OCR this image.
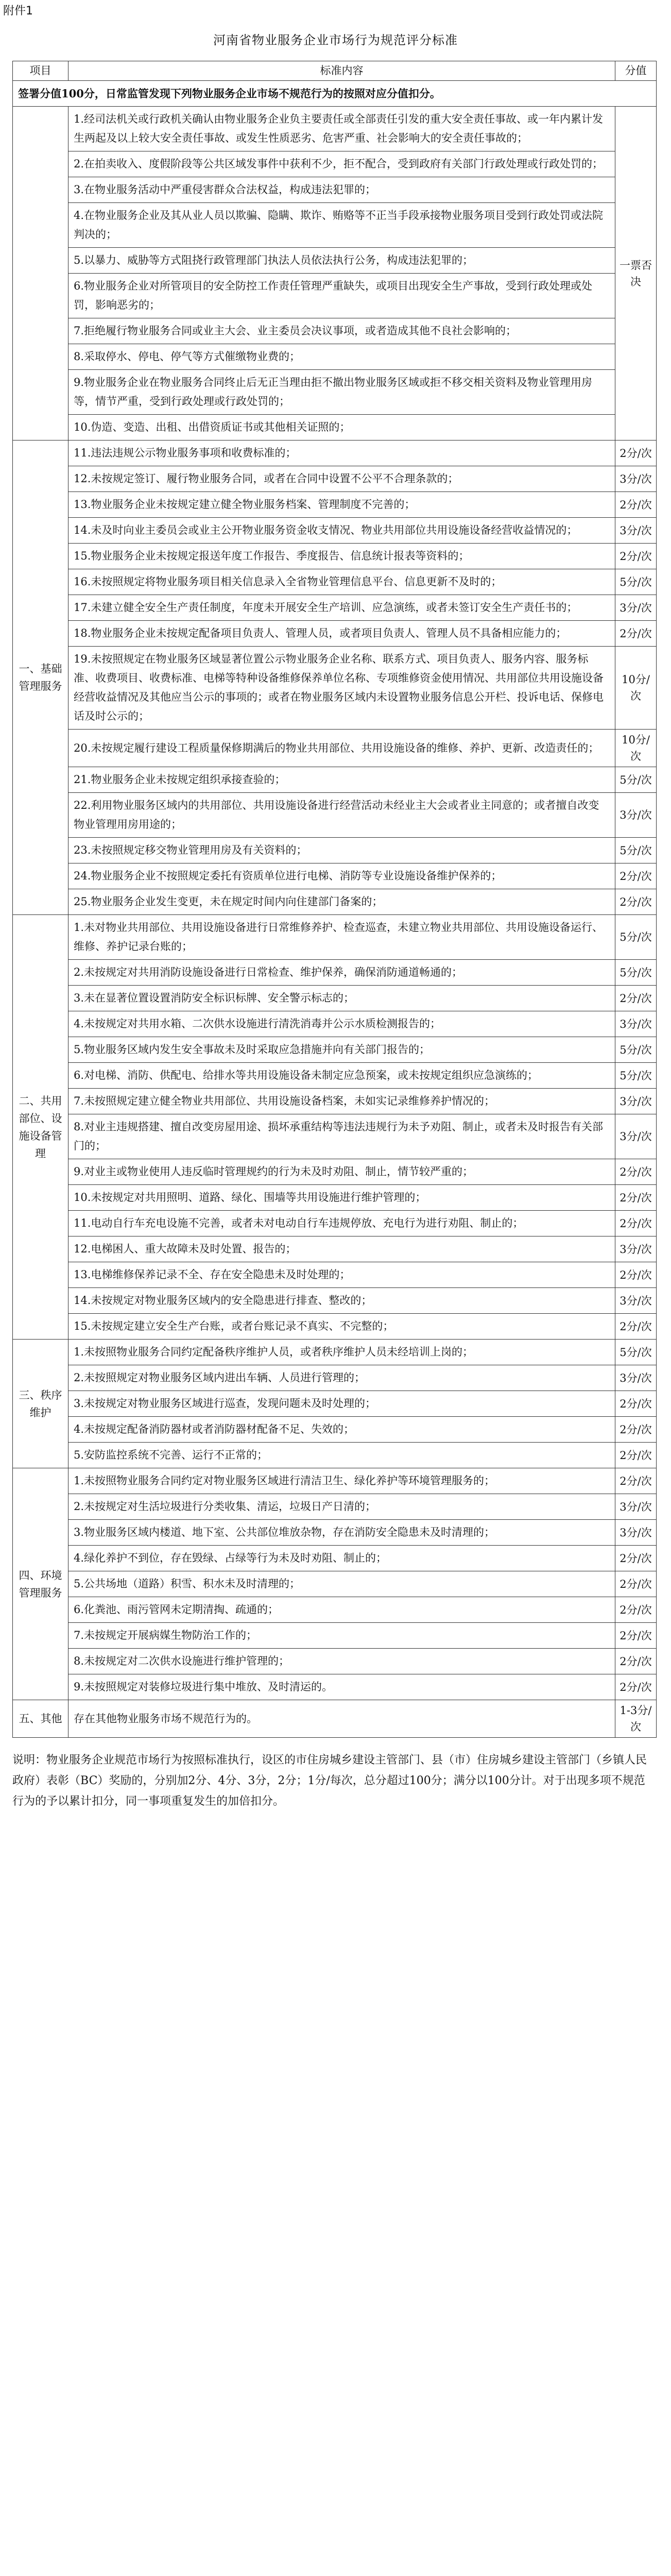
附件1
河南省物业服务企业市场行为规范评分标准
项目	标准内容	分值
签署分值100分，日常监管发现下列物业服务企业市场不规范行为的按照对应分值扣分。		
	1.经司法机关或行政机关确认由物业服务企业负主要责任或全部责任引发的重大安全责任事故、或一年内累计发生两起及以上较大安全责任事故、或发生性质恶劣、危害严重、社会影响大的安全责任事故的；	一票否决
	2.在拍卖收入、度假阶段等公共区域发事件中获利不少，拒不配合，受到政府有关部门行政处理或行政处罚的；	
	3.在物业服务活动中严重侵害群众合法权益，构成违法犯罪的；	
	4.在物业服务企业及其从业人员以欺骗、隐瞒、欺诈、贿赂等不正当手段承接物业服务项目受到行政处罚或法院判决的；	
	5.以暴力、威胁等方式阻挠行政管理部门执法人员依法执行公务，构成违法犯罪的；	
	6.物业服务企业对所管项目的安全防控工作责任管理严重缺失，或项目出现安全生产事故，受到行政处理或处罚，影响恶劣的；	
	7.拒绝履行物业服务合同或业主大会、业主委员会决议事项，或者造成其他不良社会影响的；	
	8.采取停水、停电、停气等方式催缴物业费的；	
	9.物业服务企业在物业服务合同终止后无正当理由拒不撤出物业服务区域或拒不移交相关资料及物业管理用房等，情节严重，受到行政处理或行政处罚的；	
	10.伪造、变造、出租、出借资质证书或其他相关证照的；	
一、基础管理服务	11.违法违规公示物业服务事项和收费标准的；	2分/次
	12.未按规定签订、履行物业服务合同，或者在合同中设置不公平不合理条款的；	3分/次
	13.物业服务企业未按规定建立健全物业服务档案、管理制度不完善的；	2分/次
	14.未及时向业主委员会或业主公开物业服务资金收支情况、物业共用部位共用设施设备经营收益情况的；	3分/次
	15.物业服务企业未按规定报送年度工作报告、季度报告、信息统计报表等资料的；	2分/次
	16.未按照规定将物业服务项目相关信息录入全省物业管理信息平台、信息更新不及时的；	5分/次
	17.未建立健全安全生产责任制度，年度未开展安全生产培训、应急演练，或者未签订安全生产责任书的；	3分/次
	18.物业服务企业未按规定配备项目负责人、管理人员，或者项目负责人、管理人员不具备相应能力的；	2分/次
	19.未按照规定在物业服务区域显著位置公示物业服务企业名称、联系方式、项目负责人、服务内容、服务标准、收费项目、收费标准、电梯等特种设备维修保养单位名称、专项维修资金使用情况、共用部位共用设施设备经营收益情况及其他应当公示的事项的；或者在物业服务区域内未设置物业服务信息公开栏、投诉电话、保修电话及时公示的；	10分/次
	20.未按规定履行建设工程质量保修期满后的物业共用部位、共用设施设备的维修、养护、更新、改造责任的；	10分/次
	21.物业服务企业未按规定组织承接查验的；	5分/次
	22.利用物业服务区域内的共用部位、共用设施设备进行经营活动未经业主大会或者业主同意的；或者擅自改变物业管理用房用途的；	3分/次
	23.未按照规定移交物业管理用房及有关资料的；	5分/次
	24.物业服务企业不按照规定委托有资质单位进行电梯、消防等专业设施设备维护保养的；	2分/次
	25.物业服务企业发生变更，未在规定时间内向住建部门备案的；	2分/次
二、共用部位、设施设备管理	1.未对物业共用部位、共用设施设备进行日常维修养护、检查巡查，未建立物业共用部位、共用设施设备运行、维修、养护记录台账的；	5分/次
	2.未按规定对共用消防设施设备进行日常检查、维护保养，确保消防通道畅通的；	5分/次
	3.未在显著位置设置消防安全标识标牌、安全警示标志的；	2分/次
	4.未按规定对共用水箱、二次供水设施进行清洗消毒并公示水质检测报告的；	3分/次
	5.物业服务区域内发生安全事故未及时采取应急措施并向有关部门报告的；	5分/次
	6.对电梯、消防、供配电、给排水等共用设施设备未制定应急预案，或未按规定组织应急演练的；	5分/次
	7.未按照规定建立健全物业共用部位、共用设施设备档案，未如实记录维修养护情况的；	3分/次
	8.对业主违规搭建、擅自改变房屋用途、损坏承重结构等违法违规行为未予劝阻、制止，或者未及时报告有关部门的；	3分/次
	9.对业主或物业使用人违反临时管理规约的行为未及时劝阻、制止，情节较严重的；	2分/次
	10.未按规定对共用照明、道路、绿化、围墙等共用设施进行维护管理的；	2分/次
	11.电动自行车充电设施不完善，或者未对电动自行车违规停放、充电行为进行劝阻、制止的；	2分/次
	12.电梯困人、重大故障未及时处置、报告的；	3分/次
	13.电梯维修保养记录不全、存在安全隐患未及时处理的；	2分/次
	14.未按规定对物业服务区域内的安全隐患进行排查、整改的；	3分/次
	15.未按规定建立安全生产台账，或者台账记录不真实、不完整的；	2分/次
三、秩序维护	1.未按照物业服务合同约定配备秩序维护人员，或者秩序维护人员未经培训上岗的；	5分/次
	2.未按照规定对物业服务区域内进出车辆、人员进行管理的；	3分/次
	3.未按规定对物业服务区域进行巡查，发现问题未及时处理的；	2分/次
	4.未按规定配备消防器材或者消防器材配备不足、失效的；	2分/次
	5.安防监控系统不完善、运行不正常的；	2分/次
四、环境管理服务	1.未按照物业服务合同约定对物业服务区域进行清洁卫生、绿化养护等环境管理服务的；	2分/次
	2.未按规定对生活垃圾进行分类收集、清运，垃圾日产日清的；	3分/次
	3.物业服务区域内楼道、地下室、公共部位堆放杂物，存在消防安全隐患未及时清理的；	3分/次
	4.绿化养护不到位，存在毁绿、占绿等行为未及时劝阻、制止的；	2分/次
	5.公共场地（道路）积雪、积水未及时清理的；	2分/次
	6.化粪池、雨污管网未定期清掏、疏通的；	2分/次
	7.未按规定开展病媒生物防治工作的；	2分/次
	8.未按规定对二次供水设施进行维护管理的；	2分/次
	9.未按照规定对装修垃圾进行集中堆放、及时清运的。	2分/次
五、其他	存在其他物业服务市场不规范行为的。	1-3分/次
说明：物业服务企业规范市场行为按照标准执行，设区的市住房城乡建设主管部门、县（市）住房城乡建设主管部门（乡镇人民政府）表彰（BC）奖励的，分别加2分、4分、3分，2分；1分/每次，总分超过100分；满分以100分计。对于出现多项不规范行为的予以累计扣分，同一事项重复发生的加倍扣分。
